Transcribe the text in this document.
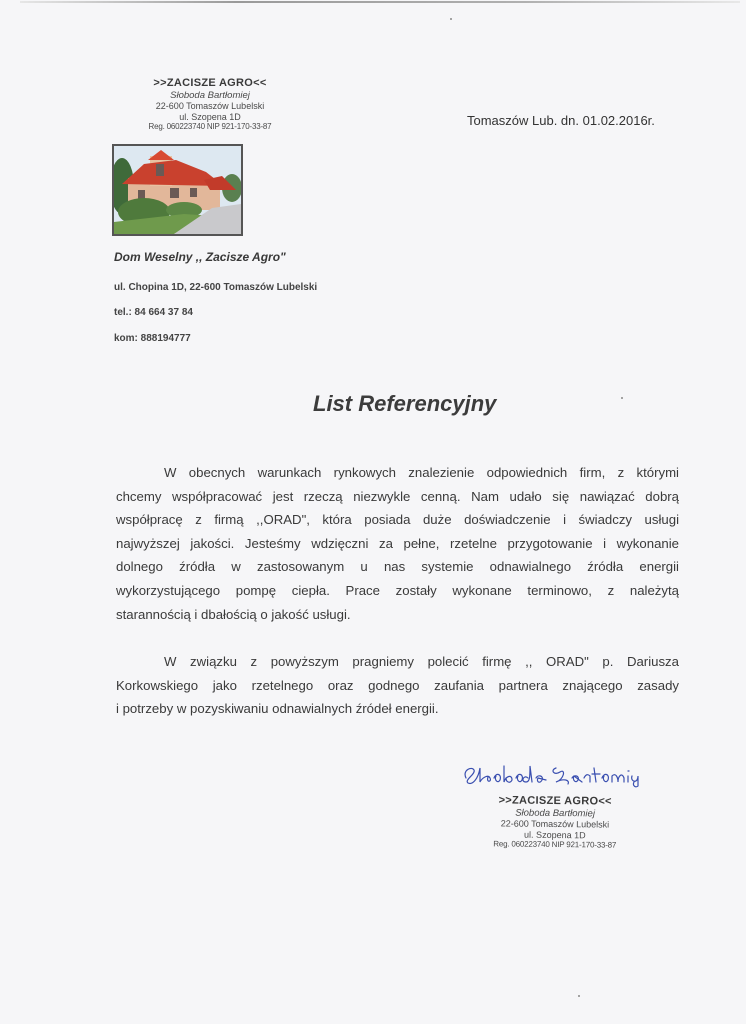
>>ZACISZE AGRO<<
Słoboda Bartłomiej
22-600 Tomaszów Lubelski
ul. Szopena 1D
Reg. 060223740 NIP 921-170-33-87	Tomaszów Lub. dn. 01.02.2016r.
Dom Weselny ,, Zacisze Agro"
ul. Chopina 1D, 22-600 Tomaszów Lubelski
tel.: 84 664 37 84
kom: 888194777
List Referencyjny
W obecnych warunkach rynkowych znalezienie odpowiednich firm, z którymi
chcemy współpracować jest rzeczą niezwykle cenną. Nam udało się nawiązać dobrą
współpracę z firmą ,,ORAD", która posiada duże doświadczenie i świadczy usługi
najwyższej jakości. Jesteśmy wdzięczni za pełne, rzetelne przygotowanie i wykonanie
dolnego źródła w zastosowanym u nas systemie odnawialnego źródła energii
wykorzystującego pompę ciepła. Prace zostały wykonane terminowo, z należytą
starannością i dbałością o jakość usługi.
W związku z powyższym pragniemy polecić firmę ,, ORAD" p. Dariusza
Korkowskiego jako rzetelnego oraz godnego zaufania partnera znającego zasady
i potrzeby w pozyskiwaniu odnawialnych źródeł energii.
>>ZACISZE AGRO<<
Słoboda Bartłomiej
22-600 Tomaszów Lubelski
ul. Szopena 1D
Reg. 060223740 NIP 921-170-33-87
